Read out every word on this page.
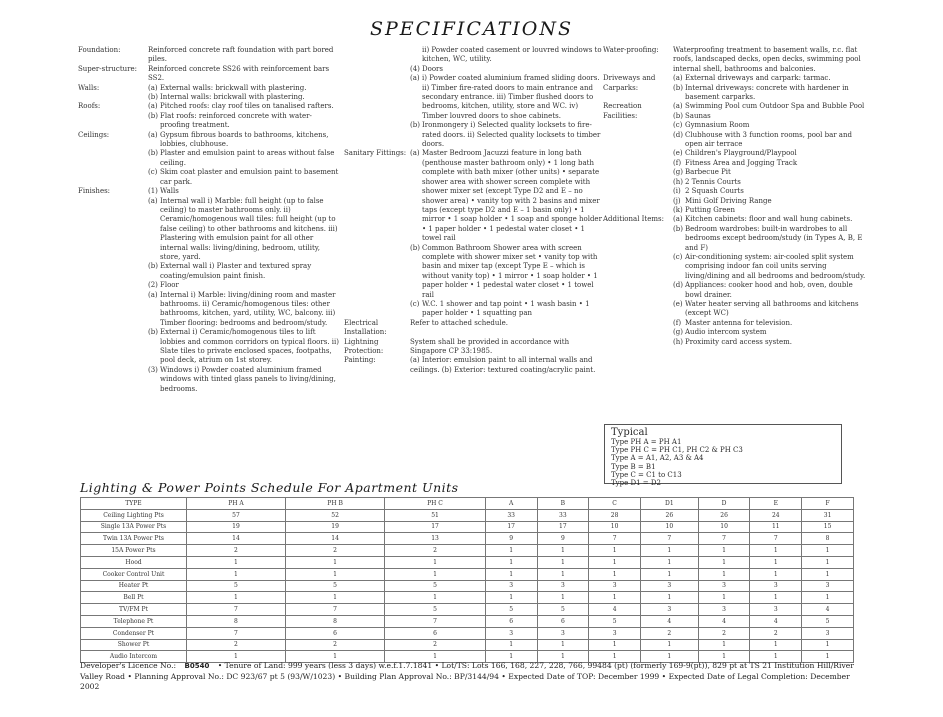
SPECIFICATIONS
Foundation:	Reinforced concrete raft foundation with part bored piles.
Super-structure:	Reinforced concrete SS26 with reinforcement bars SS2.
Walls:	(a) External walls: brickwall with plastering.
(b) Internal walls: brickwall with plastering.
Roofs:	(a) Pitched roofs: clay roof tiles on tanalised rafters.
(b) Flat roofs: reinforced concrete with water-proofing treatment.
Ceilings:	(a) Gypsum fibrous boards to bathrooms, kitchens, lobbies, clubhouse.
(b) Plaster and emulsion paint to areas without false ceiling.
(c) Skim coat plaster and emulsion paint to basement car park.
Finishes:	(1) Walls
(a) Internal wall i) Marble: full height (up to false ceiling) to master bathrooms only. ii) Ceramic/homogenous wall tiles: full height (up to false ceiling) to other bathrooms and kitchens. iii) Plastering with emulsion paint for all other internal walls: living/dining, bedroom, utility, store, yard.
(b) External wall i) Plaster and textured spray coating/emulsion paint finish.
(2) Floor
(a) Internal i) Marble: living/dining room and master bathrooms. ii) Ceramic/homogenous tiles: other bathrooms, kitchen, yard, utility, WC, balcony. iii) Timber flooring: bedrooms and bedroom/study.
(b) External i) Ceramic/homogenous tiles to lift lobbies and common corridors on typical floors. ii) Slate tiles to private enclosed spaces, footpaths, pool deck, atrium on 1st storey.
(3) Windows i) Powder coated aluminium framed windows with tinted glass panels to living/dining, bedrooms.
ii) Powder coated casement or louvred windows to kitchen, WC, utility.
(4) Doors
(a) i) Powder coated aluminium framed sliding doors. ii) Timber fire-rated doors to main entrance and secondary entrance. iii) Timber flushed doors to bedrooms, kitchen, utility, store and WC. iv) Timber louvred doors to shoe cabinets.
(b) Ironmongery i) Selected quality locksets to fire-rated doors. ii) Selected quality locksets to timber doors.
Sanitary Fittings: (a) Master Bedroom Jacuzzi feature in long bath (penthouse master bathroom only) • 1 long bath complete with bath mixer (other units) • separate shower area with shower screen complete with shower mixer set (except Type D2 and E – no shower area) • vanity top with 2 basins and mixer taps (except type D2 and E – 1 basin only) • 1 mirror • 1 soap holder • 1 soap and sponge holder • 1 paper holder • 1 pedestal water closet • 1 towel rail
(b) Common Bathroom Shower area with screen complete with shower mixer set • vanity top with basin and mixer tap (except Type E – which is without vanity top) • 1 mirror • 1 soap holder • 1 paper holder • 1 pedestal water closet • 1 towel rail
(c) W.C. 1 shower and tap point • 1 wash basin • 1 paper holder • 1 squatting pan
Electrical Installation:
Refer to attached schedule.
Lightning Protection:
System shall be provided in accordance with Singapore CP 33:1985.
Painting:	(a) Interior: emulsion paint to all internal walls and ceilings. (b) Exterior: textured coating/acrylic paint.
Water-proofing:	Waterproofing treatment to basement walls, r.c. flat roofs, landscaped decks, open decks, swimming pool internal shell, bathrooms and balconies.
Driveways and Carparks:
(a) External driveways and carpark: tarmac.
(b) Internal driveways: concrete with hardener in basement carparks.
Recreation Facilities:
(a) Swimming Pool cum Outdoor Spa and Bubble Pool
(b) Saunas
(c) Gymnasium Room
(d) Clubhouse with 3 function rooms, pool bar and open air terrace
(e) Children's Playground/Playpool
(f) Fitness Area and Jogging Track
(g) Barbecue Pit
(h) 2 Tennis Courts
(i) 2 Squash Courts
(j) Mini Golf Driving Range
(k) Putting Green
Additional Items:	(a) Kitchen cabinets: floor and wall hung cabinets.
(b) Bedroom wardrobes: built-in wardrobes to all bedrooms except bedroom/study (in Types A, B, E and F)
(c) Air-conditioning system: air-cooled split system comprising indoor fan coil units serving living/dining and all bedrooms and bedroom/study.
(d) Appliances: cooker hood and hob, oven, double bowl drainer.
(e) Water heater serving all bathrooms and kitchens (except WC)
(f) Master antenna for television.
(g) Audio intercom system
(h) Proximity card access system.
Typical
Type PH A = PH A1
Type PH C = PH C1, PH C2 & PH C3
Type A = A1, A2, A3 & A4
Type B = B1
Type C = C1 to C13
Type D1 = D2
Lighting & Power Points Schedule For Apartment Units
TYPE	PH A	PH B	PH C	A	B	C	D1	D	E	F
Ceiling Lighting Pts	57	52	51	33	33	28	26	26	24	31
Single 13A Power Pts	19	19	17	17	17	10	10	10	11	15
Twin 13A Power Pts	14	14	13	9	9	7	7	7	7	8
15A Power Pts	2	2	2	1	1	1	1	1	1	1
Hood	1	1	1	1	1	1	1	1	1	1
Cooker Control Unit	1	1	1	1	1	1	1	1	1	1
Heater Pt	5	5	5	3	3	3	3	3	3	3
Bell Pt	1	1	1	1	1	1	1	1	1	1
TV/FM Pt	7	7	5	5	5	4	3	3	3	4
Telephone Pt	8	8	7	6	6	5	4	4	4	5
Condenser Pt	7	6	6	3	3	3	2	2	2	3
Shower Pt	2	2	2	1	1	1	1	1	1	1
Audio Intercom	1	1	1	1	1	1	1	1	1	1
Developer's Licence No.: B0540 • Tenure of Land: 999 years (less 3 days) w.e.f.1.7.1841 • Lot/TS: Lots 166, 168, 227, 228, 766, 99484 (pt) (formerly 169-9(pt)), 829 pt at TS 21 Institution Hill/River Valley Road • Planning Approval No.: DC 923/67 pt 5 (93/W/1023) • Building Plan Approval No.: BP/3144/94 • Expected Date of TOP: December 1999 • Expected Date of Legal Completion: December 2002
